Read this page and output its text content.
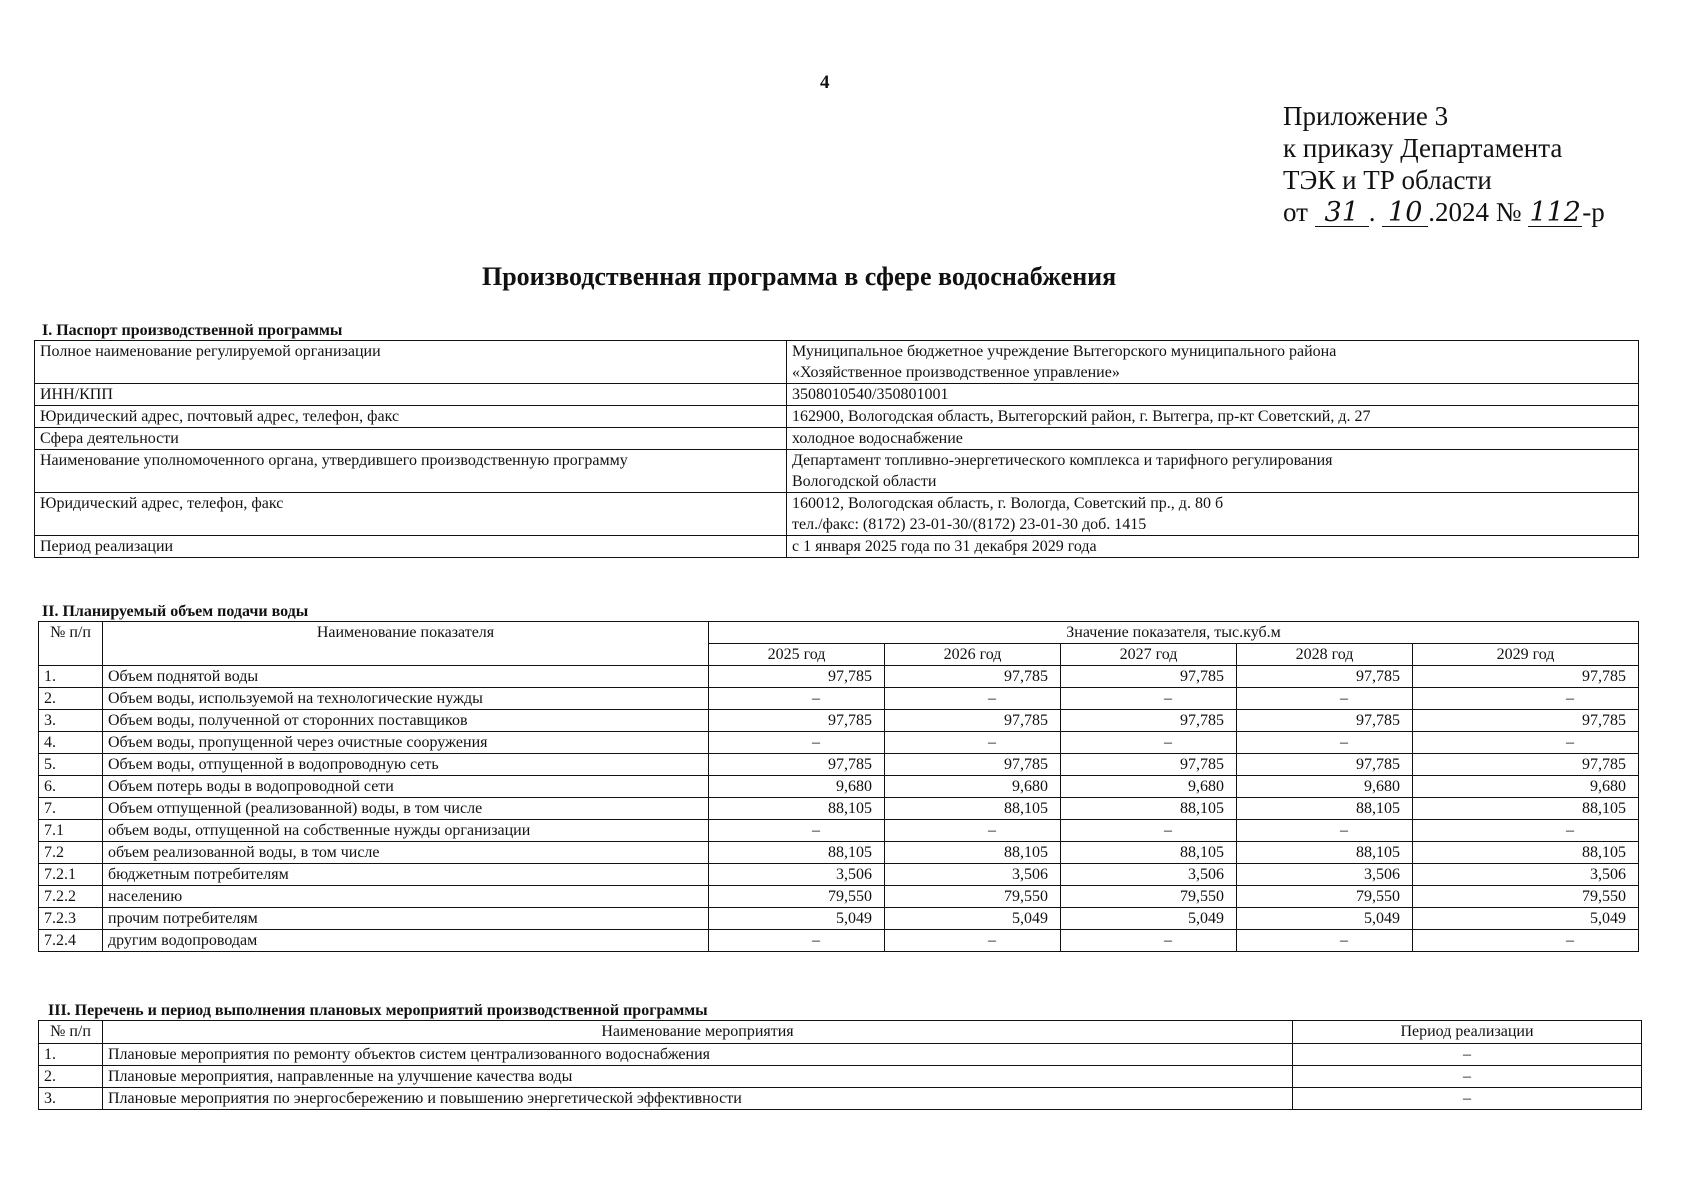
4
Приложение 3
к приказу Департамента
ТЭК и ТР области
от 31 . 10 .2024 № 112-р
Производственная программа в сфере водоснабжения
I. Паспорт производственной программы
Полное наименование регулируемой организации	Муниципальное бюджетное учреждение Вытегорского муниципального района
«Хозяйственное производственное управление»

ИНН/КПП	3508010540/350801001

Юридический адрес, почтовый адрес, телефон, факс	162900, Вологодская область, Вытегорский район, г. Вытегра, пр-кт Советский, д. 27

Сфера деятельности	холодное водоснабжение

Наименование уполномоченного органа, утвердившего производственную программу	Департамент топливно-энергетического комплекса и тарифного регулирования
Вологодской области

Юридический адрес, телефон, факс	160012, Вологодская область, г. Вологда, Советский пр., д. 80 б
тел./факс: (8172) 23-01-30/(8172) 23-01-30 доб. 1415

Период реализации	с 1 января 2025 года по 31 декабря 2029 года
II. Планируемый объем подачи воды
№ п/п	Наименование показателя	Значение показателя, тыс.куб.м				
		2025 год	2026 год	2027 год	2028 год	2029 год
1.	Объем поднятой воды	97,785	97,785	97,785	97,785	97,785
2.	Объем воды, используемой на технологические нужды	–	–	–	–	–
3.	Объем воды, полученной от сторонних поставщиков	97,785	97,785	97,785	97,785	97,785
4.	Объем воды, пропущенной через очистные сооружения	–	–	–	–	–
5.	Объем воды, отпущенной в водопроводную сеть	97,785	97,785	97,785	97,785	97,785
6.	Объем потерь воды в водопроводной сети	9,680	9,680	9,680	9,680	9,680
7.	Объем отпущенной (реализованной) воды, в том числе	88,105	88,105	88,105	88,105	88,105
7.1	объем воды, отпущенной на собственные нужды организации	–	–	–	–	–
7.2	объем реализованной воды, в том числе	88,105	88,105	88,105	88,105	88,105
7.2.1	бюджетным потребителям	3,506	3,506	3,506	3,506	3,506
7.2.2	населению	79,550	79,550	79,550	79,550	79,550
7.2.3	прочим потребителям	5,049	5,049	5,049	5,049	5,049
7.2.4	другим водопроводам	–	–	–	–	–
III. Перечень и период выполнения плановых мероприятий производственной программы
№ п/п	Наименование мероприятия	Период реализации
1.	Плановые мероприятия по ремонту объектов систем централизованного водоснабжения	–
2.	Плановые мероприятия, направленные на улучшение качества воды	–
3.	Плановые мероприятия по энергосбережению и повышению энергетической эффективности	–
